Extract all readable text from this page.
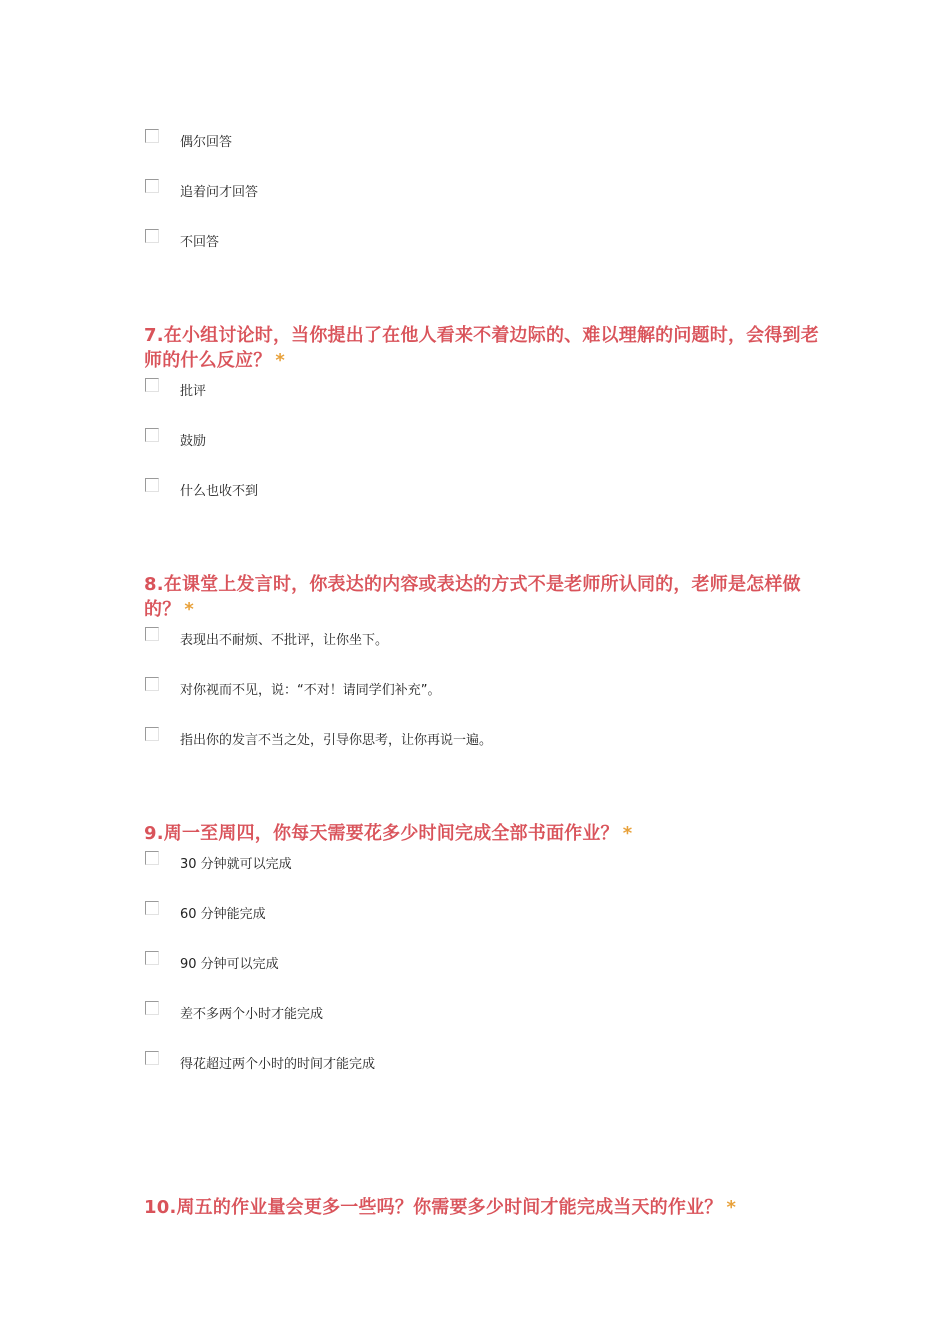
偶尔回答
追着问才回答
不回答
7.在小组讨论时，当你提出了在他人看来不着边际的、难以理解的问题时，会得到老师的什么反应？ *
批评
鼓励
什么也收不到
8.在课堂上发言时，你表达的内容或表达的方式不是老师所认同的，老师是怎样做的？ *
表现出不耐烦、不批评，让你坐下。
对你视而不见，说：“不对！请同学们补充”。
指出你的发言不当之处，引导你思考，让你再说一遍。
9.周一至周四，你每天需要花多少时间完成全部书面作业？ *
30 分钟就可以完成
60 分钟能完成
90 分钟可以完成
差不多两个小时才能完成
得花超过两个小时的时间才能完成
10.周五的作业量会更多一些吗？你需要多少时间才能完成当天的作业？ *
